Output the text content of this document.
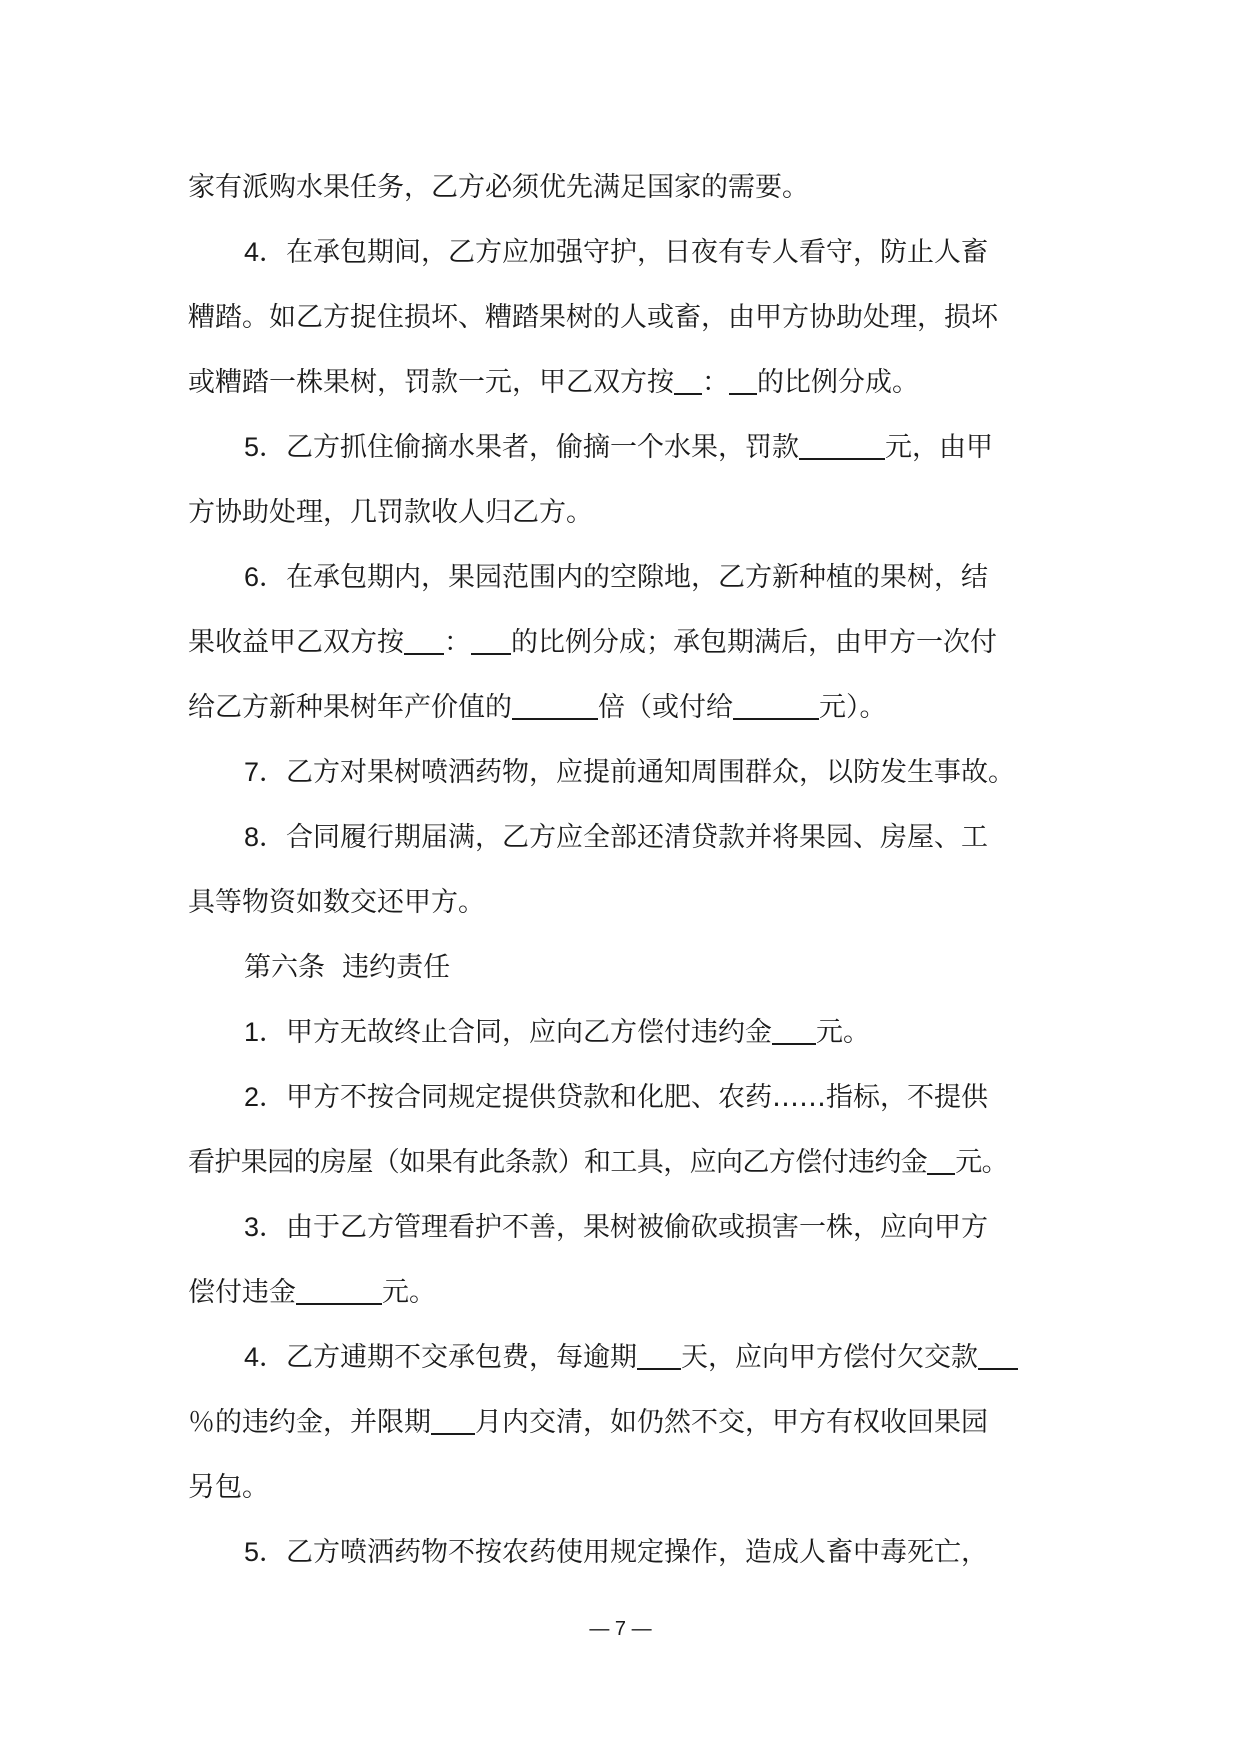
家有派购水果任务，乙方必须优先满足国家的需要。
4．在承包期间，乙方应加强守护，日夜有专人看守，防止人畜
糟踏。如乙方捉住损坏、糟踏果树的人或畜，由甲方协助处理，损坏
或糟踏一株果树，罚款一元，甲乙双方按 ： 的比例分成。
5．乙方抓住偷摘水果者，偷摘一个水果，罚款	元，由甲
方协助处理，几罚款收人归乙方。
6．在承包期内，果园范围内的空隙地，乙方新种植的果树，结
果收益甲乙双方按 ： 的比例分成；承包期满后，由甲方一次付
给乙方新种果树年产价值的	倍（或付给	元）。
7．乙方对果树喷洒药物，应提前通知周围群众，以防发生事故。
8．合同履行期届满，乙方应全部还清贷款并将果园、房屋、工
具等物资如数交还甲方。
第六条  违约责任
1．甲方无故终止合同，应向乙方偿付违约金 元。
2．甲方不按合同规定提供贷款和化肥、农药……指标，不提供
看护果园的房屋（如果有此条款）和工具，应向乙方偿付违约金 元。
3．由于乙方管理看护不善，果树被偷砍或损害一株，应向甲方
偿付违金	元。
4．乙方逋期不交承包费，每逾期 天，应向甲方偿付欠交款
％的违约金，并限期 月内交清，如仍然不交，甲方有权收回果园
另包。
5．乙方喷洒药物不按农药使用规定操作，造成人畜中毒死亡，
— 7 —
